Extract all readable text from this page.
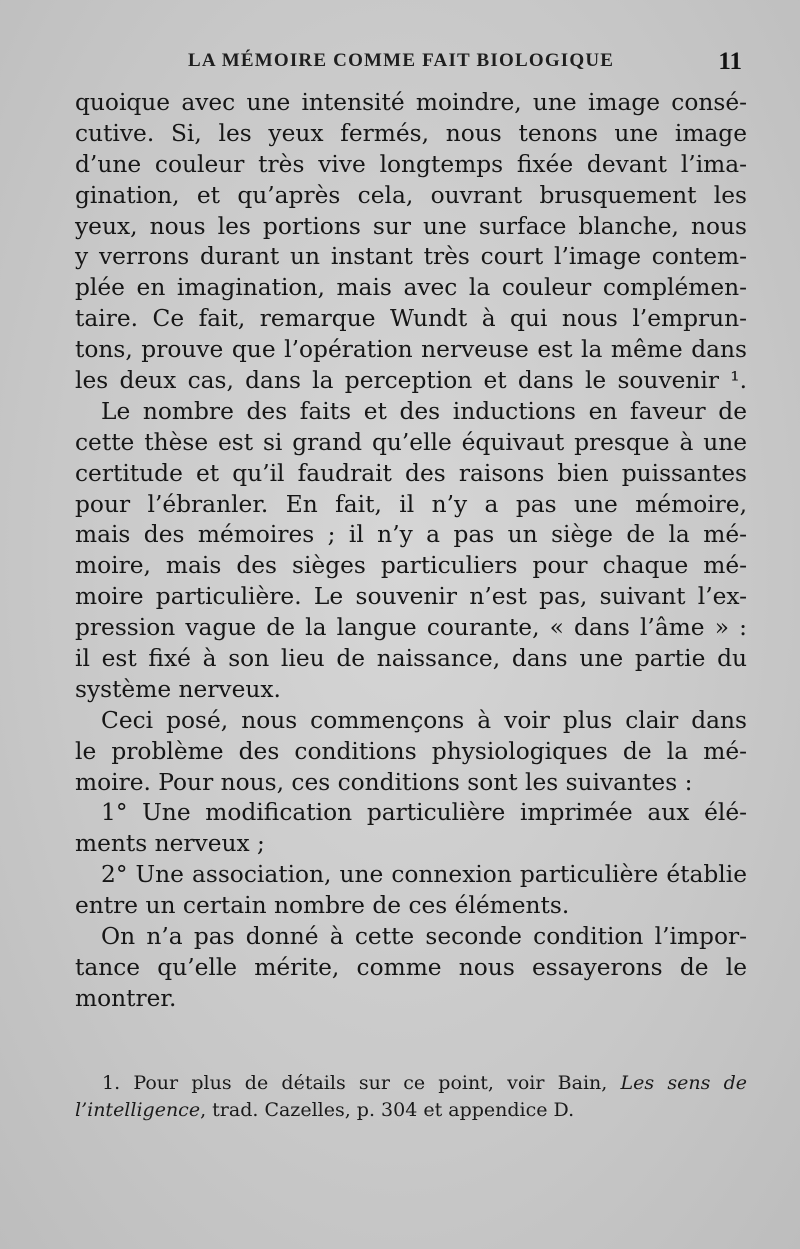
LA MÉMOIRE COMME FAIT BIOLOGIQUE	11
quoique avec une intensité moindre, une image consé-
cutive. Si, les yeux fermés, nous tenons une image
d’une couleur très vive longtemps fixée devant l’ima-
gination, et qu’après cela, ouvrant brusquement les
yeux, nous les portions sur une surface blanche, nous
y verrons durant un instant très court l’image contem-
plée en imagination, mais avec la couleur complémen-
taire. Ce fait, remarque Wundt à qui nous l’emprun-
tons, prouve que l’opération nerveuse est la même dans
les deux cas, dans la perception et dans le souvenir ¹.
Le nombre des faits et des inductions en faveur de
cette thèse est si grand qu’elle équivaut presque à une
certitude et qu’il faudrait des raisons bien puissantes
pour l’ébranler. En fait, il n’y a pas une mémoire,
mais des mémoires ; il n’y a pas un siège de la mé-
moire, mais des sièges particuliers pour chaque mé-
moire particulière. Le souvenir n’est pas, suivant l’ex-
pression vague de la langue courante, « dans l’âme » :
il est fixé à son lieu de naissance, dans une partie du
système nerveux.
Ceci posé, nous commençons à voir plus clair dans
le problème des conditions physiologiques de la mé-
moire. Pour nous, ces conditions sont les suivantes :
1° Une modification particulière imprimée aux élé-
ments nerveux ;
2° Une association, une connexion particulière établie
entre un certain nombre de ces éléments.
On n’a pas donné à cette seconde condition l’impor-
tance qu’elle mérite, comme nous essayerons de le
montrer.
1. Pour plus de détails sur ce point, voir Bain, Les sens de
l’intelligence, trad. Cazelles, p. 304 et appendice D.
